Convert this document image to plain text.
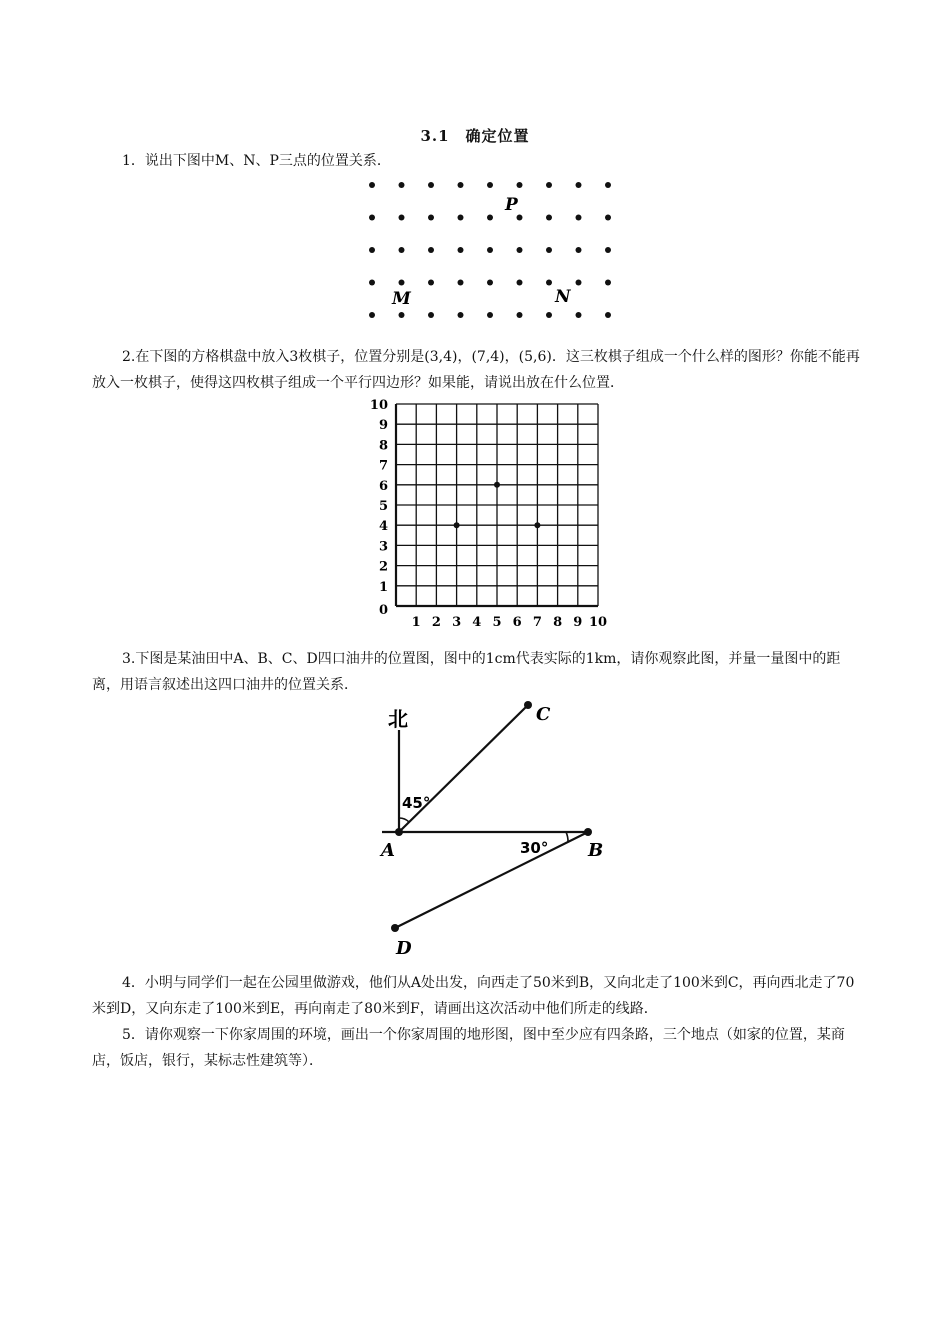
3.1　确定位置
1．说出下图中M、N、P三点的位置关系．
P
M	N
2.在下图的方格棋盘中放入3枚棋子，位置分别是(3,4)，(7,4)，(5,6)．这三枚棋子组成一个什么样的图形？你能不能再放入一枚棋子，使得这四枚棋子组成一个平行四边形？如果能，请说出放在什么位置．
0
1
2
3
4
5
6
7
8
9
10
1 2 3 4 5 6 7 8 9 10
3.下图是某油田中A、B、C、D四口油井的位置图，图中的1cm代表实际的1km，请你观察此图，并量一量图中的距离，用语言叙述出这四口油井的位置关系．
北	C
45°
A	30° B
D
4．小明与同学们一起在公园里做游戏，他们从A处出发，向西走了50米到B，又向北走了100米到C，再向西北走了70米到D，又向东走了100米到E，再向南走了80米到F，请画出这次活动中他们所走的线路．
5．请你观察一下你家周围的环境，画出一个你家周围的地形图，图中至少应有四条路，三个地点（如家的位置，某商店，饭店，银行，某标志性建筑等）．
